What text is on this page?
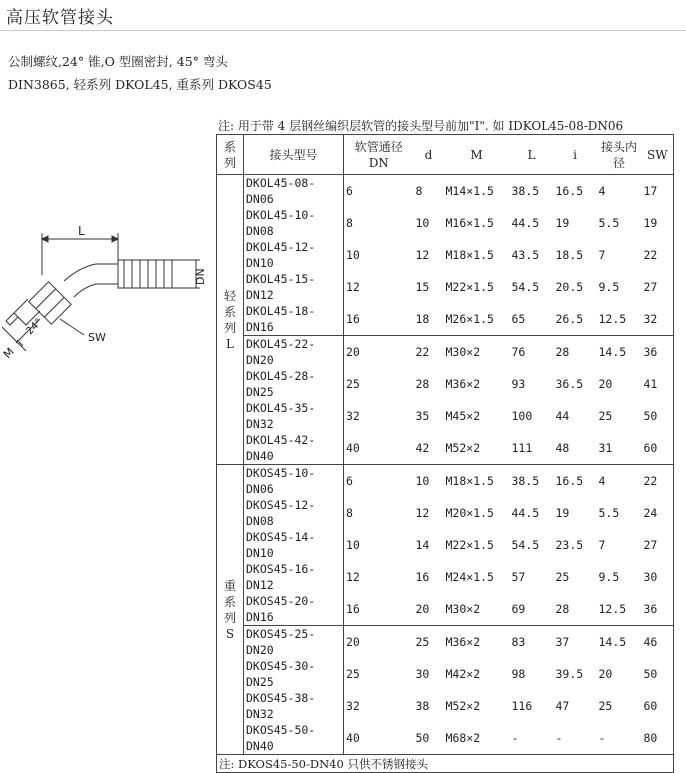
高压软管接头
公制螺纹,24° 锥,O 型圈密封, 45° 弯头
DIN3865, 轻系列 DKOL45, 重系列 DKOS45
注: 用于带 4 层钢丝编织层软管的接头型号前加"I". 如 IDKOL45-08-DN06
L
DN
24°
SW
M
i
系列	接头型号	软管通径
DN	d	M	L	i	接头内径	SW
轻
系
列
L	DKOL45-08-DN06	6	8	M14×1.5	38.5	16.5	4	17
	DKOL45-10-DN08	8	10	M16×1.5	44.5	19	5.5	19
	DKOL45-12-DN10	10	12	M18×1.5	43.5	18.5	7	22
	DKOL45-15-DN12	12	15	M22×1.5	54.5	20.5	9.5	27
	DKOL45-18-DN16	16	18	M26×1.5	65	26.5	12.5	32
	DKOL45-22-DN20	20	22	M30×2	76	28	14.5	36
	DKOL45-28-DN25	25	28	M36×2	93	36.5	20	41
	DKOL45-35-DN32	32	35	M45×2	100	44	25	50
	DKOL45-42-DN40	40	42	M52×2	111	48	31	60
重
系
列
S	DKOS45-10-DN06	6	10	M18×1.5	38.5	16.5	4	22
	DKOS45-12-DN08	8	12	M20×1.5	44.5	19	5.5	24
	DKOS45-14-DN10	10	14	M22×1.5	54.5	23.5	7	27
	DKOS45-16-DN12	12	16	M24×1.5	57	25	9.5	30
	DKOS45-20-DN16	16	20	M30×2	69	28	12.5	36
	DKOS45-25-DN20	20	25	M36×2	83	37	14.5	46
	DKOS45-30-DN25	25	30	M42×2	98	39.5	20	50
	DKOS45-38-DN32	32	38	M52×2	116	47	25	60
	DKOS45-50-DN40	40	50	M68×2	-	-	-	80
注: DKOS45-50-DN40 只供不锈钢接头								
